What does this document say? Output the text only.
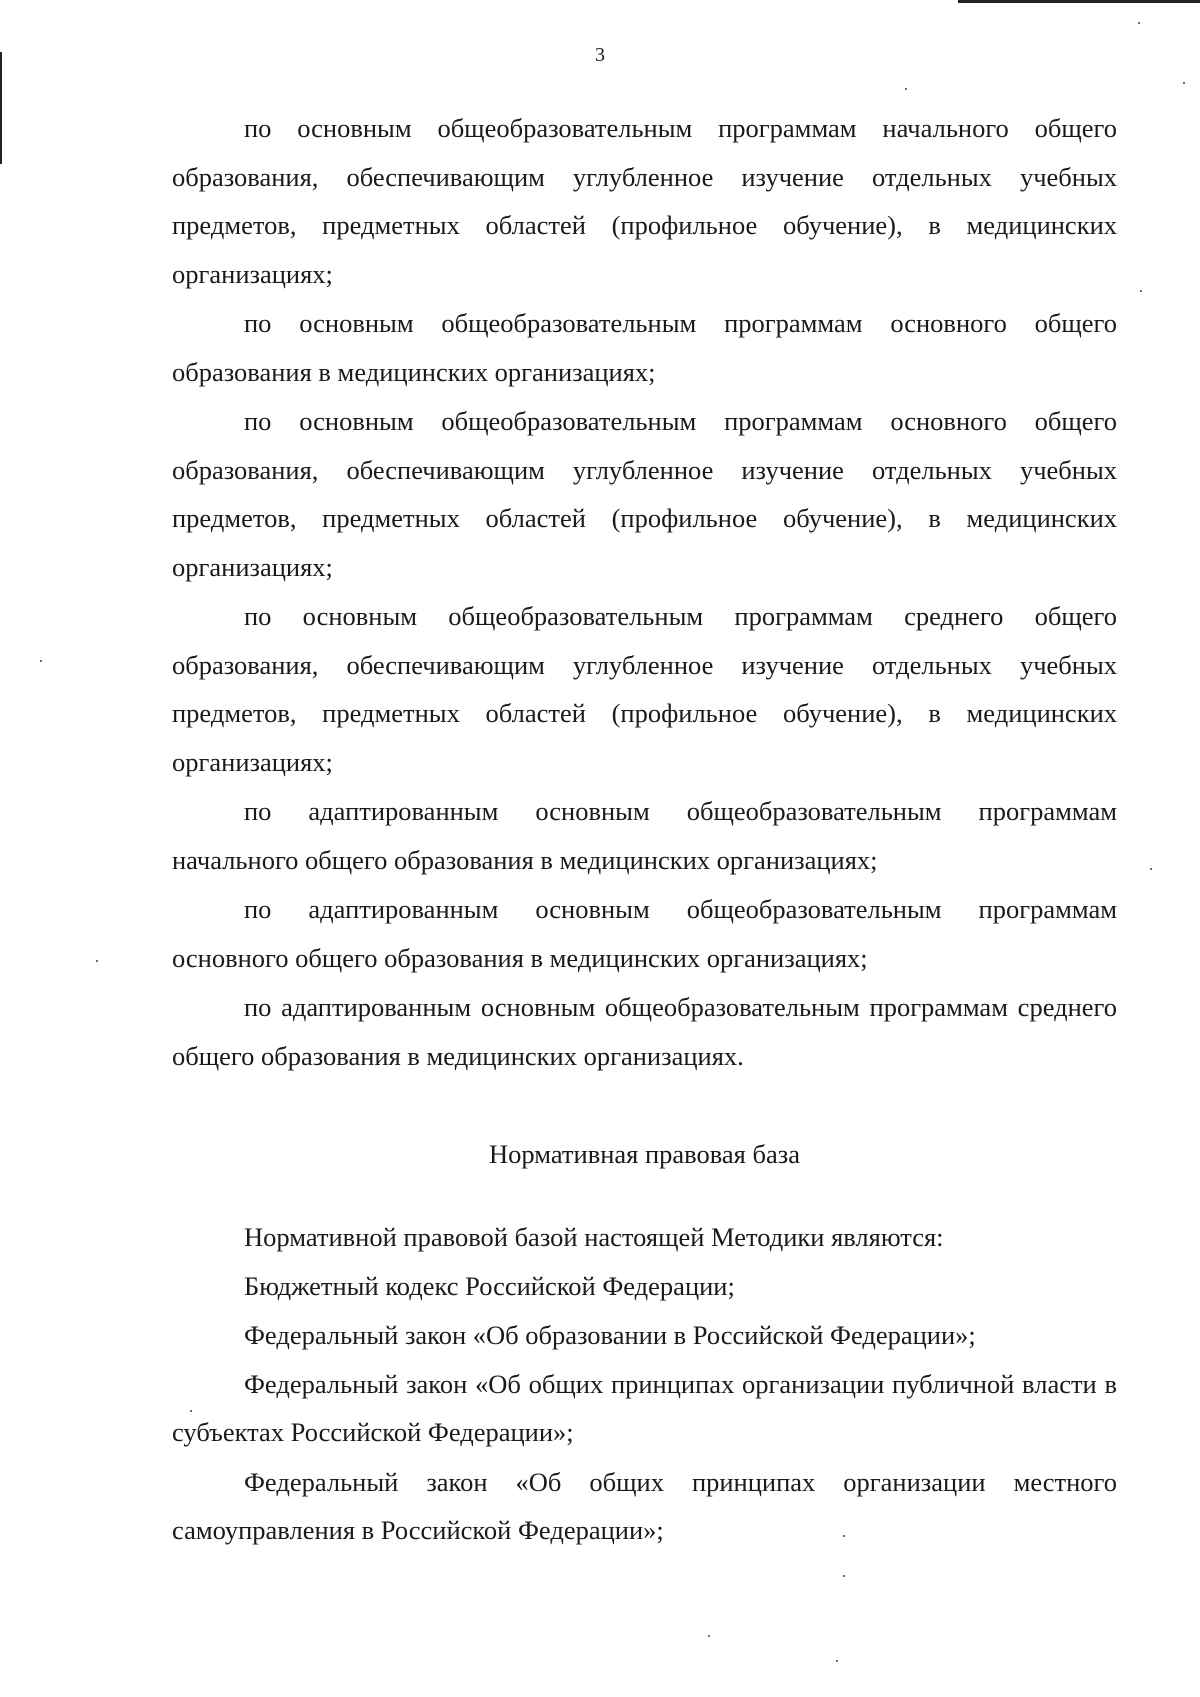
3

по основным общеобразовательным программам начального общего образования, обеспечивающим углубленное изучение отдельных учебных предметов, предметных областей (профильное обучение), в медицинских организациях;

по основным общеобразовательным программам основного общего образования в медицинских организациях;

по основным общеобразовательным программам основного общего образования, обеспечивающим углубленное изучение отдельных учебных предметов, предметных областей (профильное обучение), в медицинских организациях;

по основным общеобразовательным программам среднего общего образования, обеспечивающим углубленное изучение отдельных учебных предметов, предметных областей (профильное обучение), в медицинских организациях;

по адаптированным основным общеобразовательным программам начального общего образования в медицинских организациях;

по адаптированным основным общеобразовательным программам основного общего образования в медицинских организациях;

по адаптированным основным общеобразовательным программам среднего общего образования в медицинских организациях.

Нормативная правовая база

Нормативной правовой базой настоящей Методики являются:

Бюджетный кодекс Российской Федерации;

Федеральный закон «Об образовании в Российской Федерации»;

Федеральный закон «Об общих принципах организации публичной власти в субъектах Российской Федерации»;

Федеральный закон «Об общих принципах организации местного самоуправления в Российской Федерации»;
